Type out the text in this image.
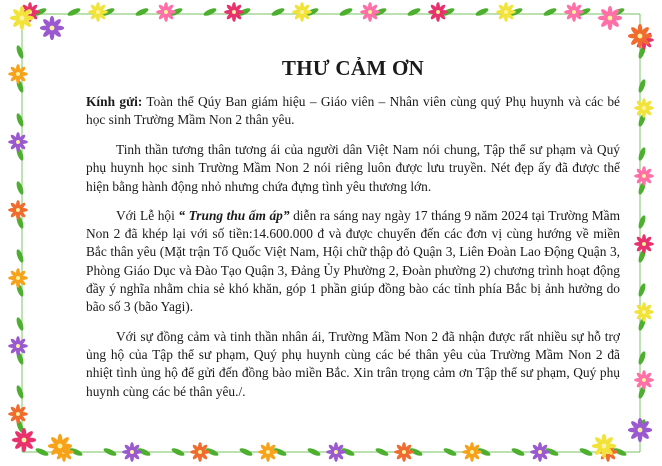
THƯ CẢM ƠN

Kính gửi: Toàn thể Qúy Ban giám hiệu – Giáo viên – Nhân viên cùng quý Phụ huynh và các bé học sinh Trường Mầm Non 2 thân yêu.

Tinh thần tương thân tương ái của người dân Việt Nam nói chung, Tập thể sư phạm và Quý phụ huynh học sinh Trường Mầm Non 2 nói riêng luôn được lưu truyền. Nét đẹp ấy đã được thể hiện bằng hành động nhỏ nhưng chứa đựng tình yêu thương lớn.

Với Lễ hội “ Trung thu ấm áp” diễn ra sáng nay ngày 17 tháng 9 năm 2024 tại Trường Mầm Non 2 đã khép lại với số tiền:14.600.000 đ và được chuyển đến các đơn vị cùng hướng về miền Bắc thân yêu (Mặt trận Tổ Quốc Việt Nam, Hội chữ thập đỏ Quận 3, Liên Đoàn Lao Động Quận 3, Phòng Giáo Dục và Đào Tạo Quận 3, Đảng Ủy Phường 2, Đoàn phường 2) chương trình hoạt động đầy ý nghĩa nhằm chia sẻ khó khăn, góp 1 phần giúp đồng bào các tỉnh phía Bắc bị ảnh hưởng do bão số 3 (bão Yagi).

Với sự đồng cảm và tinh thần nhân ái, Trường Mầm Non 2 đã nhận được rất nhiều sự hỗ trợ ủng hộ của Tập thể sư phạm, Quý phụ huynh cùng các bé thân yêu của Trường Mầm Non 2 đã nhiệt tình ủng hộ để gửi đến đồng bào miền Bắc. Xin trân trọng cảm ơn Tập thể sư phạm, Quý phụ huynh cùng các bé thân yêu./.
